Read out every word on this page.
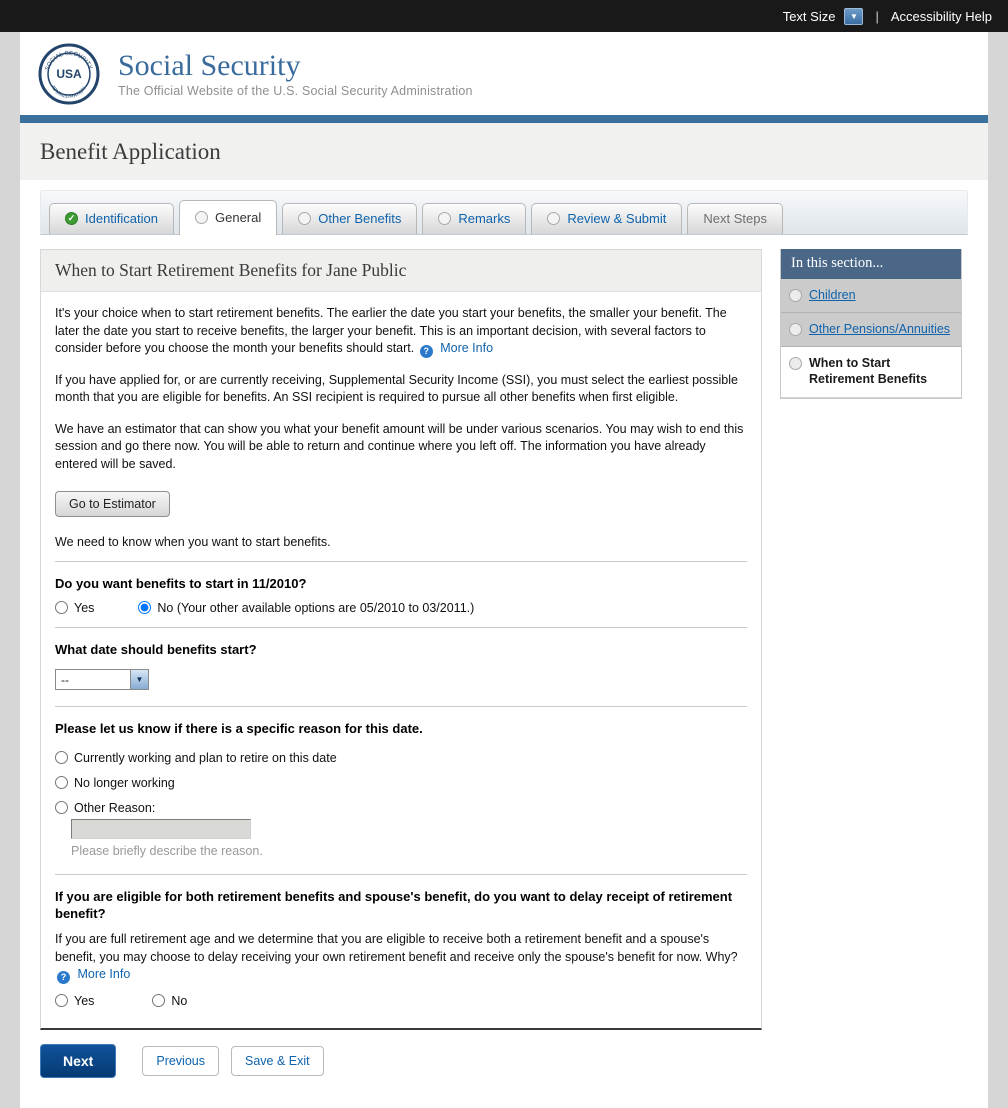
Text Size	▼	| Accessibility Help
SOCIAL SECURITY
ADMINISTRATION
USA Social Security
The Official Website of the U.S. Social Security Administration
Benefit Application
✓ Identification	General	Other Benefits	Remarks	Review & Submit	Next Steps
When to Start Retirement Benefits for Jane Public

It's your choice when to start retirement benefits. The earlier the date you start your benefits, the smaller your benefit. The later the date you start to receive benefits, the larger your benefit. This is an important decision, with several factors to consider before you choose the month your benefits should start. ? More Info

If you have applied for, or are currently receiving, Supplemental Security Income (SSI), you must select the earliest possible month that you are eligible for benefits. An SSI recipient is required to pursue all other benefits when first eligible.

We have an estimator that can show you what your benefit amount will be under various scenarios. You may wish to end this session and go there now. You will be able to return and continue where you left off. The information you have already entered will be saved.

Go to Estimator
We need to know when you want to start benefits.
Do you want benefits to start in 11/2010?
Yes	No (Your other available options are 05/2010 to 03/2011.)
What date should benefits start?
--	▼
Please let us know if there is a specific reason for this date.
Currently working and plan to retire on this date
No longer working
Other Reason:
Please briefly describe the reason.
If you are eligible for both retirement benefits and spouse's benefit, do you want to delay receipt of retirement benefit?

If you are full retirement age and we determine that you are eligible to receive both a retirement benefit and a spouse's benefit, you may choose to delay receiving your own retirement benefit and receive only the spouse's benefit for now. Why? ? More Info

Yes	No
In this section...
Children
Other Pensions/Annuities
When to Start Retirement Benefits
Next	Previous	Save & Exit
